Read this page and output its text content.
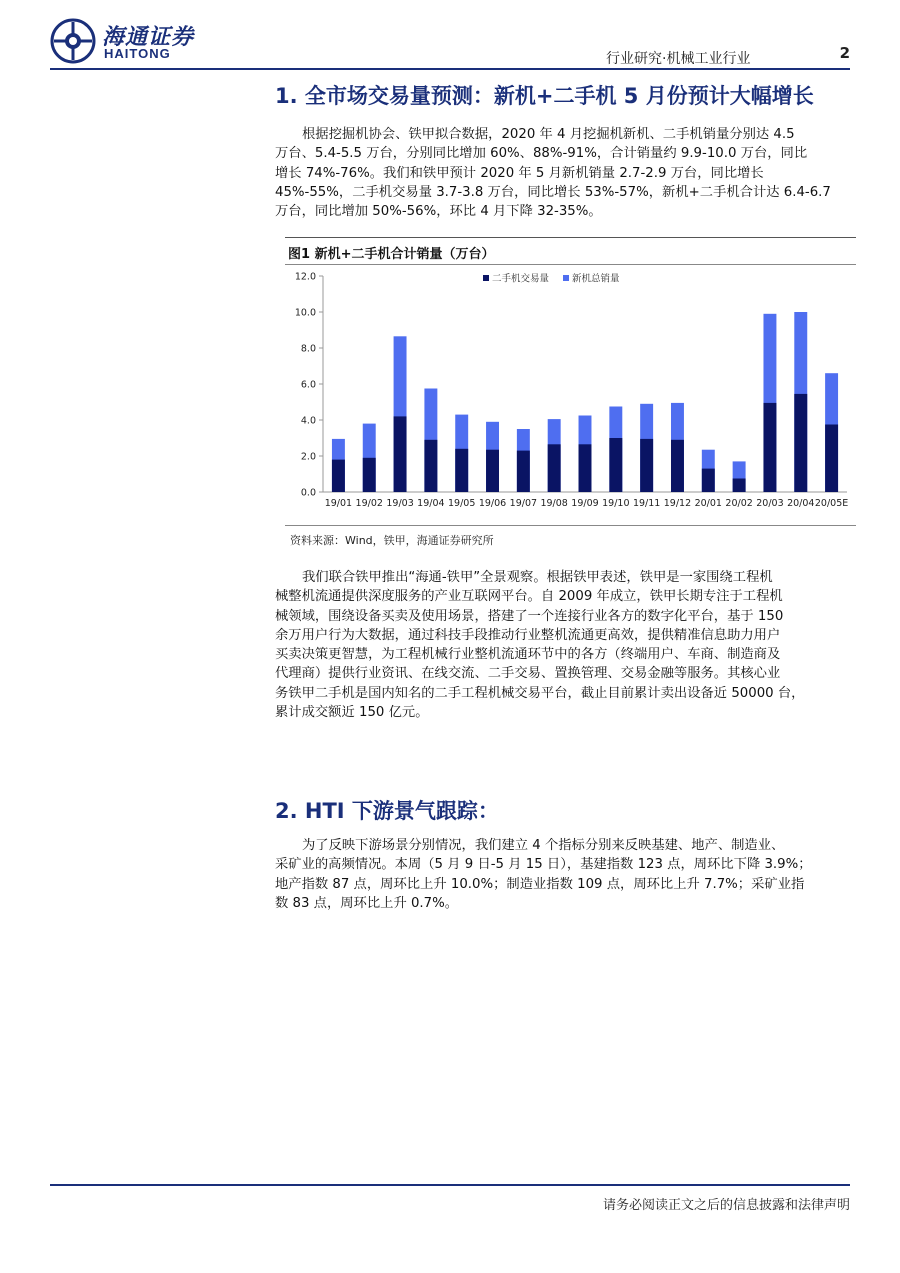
海通证券
HAITONG	行业研究·机械工业行业	2
1. 全市场交易量预测：新机+二手机 5 月份预计大幅增长
根据挖掘机协会、铁甲拟合数据，2020 年 4 月挖掘机新机、二手机销量分别达 4.5
万台、5.4-5.5 万台，分别同比增加 60%、88%-91%，合计销量约 9.9-10.0 万台，同比
增长 74%-76%。我们和铁甲预计 2020 年 5 月新机销量 2.7-2.9 万台，同比增长
45%-55%，二手机交易量 3.7-3.8 万台，同比增长 53%-57%，新机+二手机合计达 6.4-6.7
万台，同比增加 50%-56%，环比 4 月下降 32-35%。
图1 新机+二手机合计销量（万台）
0.0
2.0
4.0
6.0
8.0
10.0
12.0
19/01 19/02 19/03 19/04 19/05 19/06 19/07 19/08 19/09 19/10 19/11 19/12 20/01 20/02 20/03 20/04 20/05E
二手机交易量 新机总销量
资料来源：Wind，铁甲，海通证券研究所
我们联合铁甲推出“海通-铁甲”全景观察。根据铁甲表述，铁甲是一家围绕工程机
械整机流通提供深度服务的产业互联网平台。自 2009 年成立，铁甲长期专注于工程机
械领域，围绕设备买卖及使用场景，搭建了一个连接行业各方的数字化平台，基于 150
余万用户行为大数据，通过科技手段推动行业整机流通更高效，提供精准信息助力用户
买卖决策更智慧，为工程机械行业整机流通环节中的各方（终端用户、车商、制造商及
代理商）提供行业资讯、在线交流、二手交易、置换管理、交易金融等服务。其核心业
务铁甲二手机是国内知名的二手工程机械交易平台，截止目前累计卖出设备近 50000 台，
累计成交额近 150 亿元。
2. HTI 下游景气跟踪：
为了反映下游场景分别情况，我们建立 4 个指标分别来反映基建、地产、制造业、
采矿业的高频情况。本周（5 月 9 日-5 月 15 日），基建指数 123 点，周环比下降 3.9%；
地产指数 87 点，周环比上升 10.0%；制造业指数 109 点，周环比上升 7.7%；采矿业指
数 83 点，周环比上升 0.7%。
请务必阅读正文之后的信息披露和法律声明
